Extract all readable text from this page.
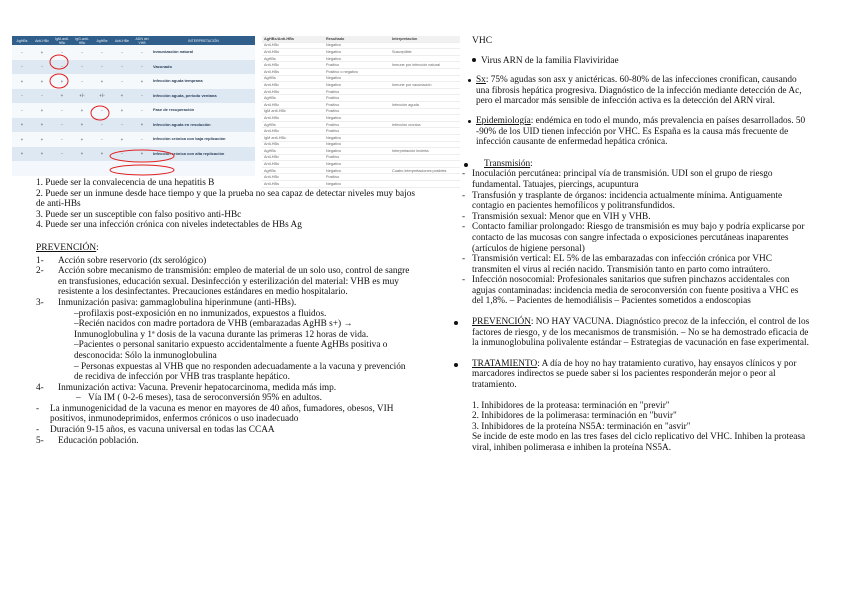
AgHBs	Anti-HBc	IgM-anti-HBc	IgG-anti-HBc	AgHBe	Anti-HBe	ADN del VHB	INTERPRETACIÓN
-	+	-	-	-	-	-	Inmunización natural
-	-	-	-	-	-	-	Vacunado
+	+	+	-	+	-	+	Infección aguda temprana
-	-	+	+/-	+/-	+	-	Infección aguda, periodo ventana
-	+	-	+	-	+	-	Fase de recuperación
+	+	-	+	-	-	+	Infección aguda en resolución
+	+	-	+	-	+	-	Infección crónica con baja replicación
+	+	-	+	+	-	+	Infección crónica con alta replicación
AgHBs/Anti-HBs	Resultado	Interpretación
Anti-HBc	Negativo	
Anti-HBs	Negativo	Susceptible
AgHBs	Negativo	
Anti-HBc	Positivo	Inmune por infección natural
Anti-HBs	Positivo o negativo	
AgHBs	Negativo	
Anti-HBc	Negativo	Inmune por vacunación
Anti-HBs	Positivo	
AgHBs	Positivo	
Anti-HBc	Positivo	Infección aguda
IgM anti-HBc	Positivo	
Anti-HBs	Negativo	
AgHBs	Positivo	Infección crónica
Anti-HBc	Positivo	
IgM anti-HBc	Negativo	
Anti-HBs	Negativo	
AgHBs	Negativo	Interpretación incierta
Anti-HBc	Positivo	
Anti-HBs	Negativo	
AgHBs	Negativo	Cuatro interpretaciones posibles
Anti-HBc	Positivo	
Anti-HBs	Negativo	
1. Puede ser la convalecencia de una hepatitis B
2. Puede ser un inmune desde hace tiempo y que la prueba no sea capaz de detectar niveles muy bajos de anti-HBs
3. Puede ser un susceptible con falso positivo anti-HBc
4. Puede ser una infección crónica con niveles indetectables de HBs Ag
PREVENCIÓN:
1- Acción sobre reservorio (dx serológico)
2- Acción sobre mecanismo de transmisión: empleo de material de un solo uso, control de sangre en transfusiones, educación sexual. Desinfección y esterilización del material: VHB es muy resistente a los desinfectantes. Precauciones estándares en medio hospitalario.
3- Inmunización pasiva: gammaglobulina hiperinmune (anti-HBs).
–profilaxis post-exposición en no inmunizados, expuestos a fluidos.
–Recién nacidos con madre portadora de VHB (embarazadas AgHB s+) → Inmunoglobulina y 1ª dosis de la vacuna durante las primeras 12 horas de vida.
–Pacientes o personal sanitario expuesto accidentalmente a fuente AgHBs positiva o desconocida: Sólo la inmunoglobulina
– Personas expuestas al VHB que no responden adecuadamente a la vacuna y prevención de recidiva de infección por VHB tras trasplante hepático.
4- Inmunización activa: Vacuna. Prevenir hepatocarcinoma, medida más imp.
– Vía IM ( 0-2-6 meses), tasa de seroconversión 95% en adultos.
- La inmunogenicidad de la vacuna es menor en mayores de 40 años, fumadores, obesos, VIH positivos, inmunodeprimidos, enfermos crónicos o uso inadecuado
- Duración 9-15 años, es vacuna universal en todas las CCAA
5- Educación población.
VHC
Virus ARN de la familia Flaviviridae
Sx: 75% agudas son asx y anictéricas. 60-80% de las infecciones cronifican, causando una fibrosis hepática progresiva. Diagnóstico de la infección mediante detección de Ac, pero el marcador más sensible de infección activa es la detección del ARN viral.
Epidemiología: endémica en todo el mundo, más prevalencia en países desarrollados. 50 -90% de los UID tienen infección por VHC. Es España es la causa más frecuente de infección causante de enfermedad hepática crónica.
Transmisión:
- Inoculación percutánea: principal vía de transmisión. UDI son el grupo de riesgo fundamental. Tatuajes, piercings, acupuntura
- Transfusión y trasplante de órganos: incidencia actualmente mínima. Antiguamente contagio en pacientes hemofílicos y politransfundidos.
- Transmisión sexual: Menor que en VIH y VHB.
- Contacto familiar prolongado: Riesgo de transmisión es muy bajo y podría explicarse por contacto de las mucosas con sangre infectada o exposiciones percutáneas inaparentes (artículos de higiene personal)
- Transmisión vertical: EL 5% de las embarazadas con infección crónica por VHC transmiten el virus al recién nacido. Transmisión tanto en parto como intraútero.
- Infección nosocomial: Profesionales sanitarios que sufren pinchazos accidentales con agujas contaminadas: incidencia media de seroconversión con fuente positiva a VHC es del 1,8%. – Pacientes de hemodiálisis – Pacientes sometidos a endoscopias
PREVENCIÓN: NO HAY VACUNA. Diagnóstico precoz de la infección, el control de los factores de riesgo, y de los mecanismos de transmisión. – No se ha demostrado eficacia de la inmunoglobulina polivalente estándar – Estrategias de vacunación en fase experimental.
TRATAMIENTO: A día de hoy no hay tratamiento curativo, hay ensayos clínicos y por marcadores indirectos se puede saber si los pacientes responderán mejor o peor al tratamiento.
1. Inhibidores de la proteasa: terminación en "previr"
2. Inhibidores de la polimerasa: terminación en "buvir"
3. Inhibidores de la proteína NS5A: terminación en "asvir"
Se incide de este modo en las tres fases del ciclo replicativo del VHC. Inhiben la proteasa viral, inhiben polimerasa e inhiben la proteína NS5A.
